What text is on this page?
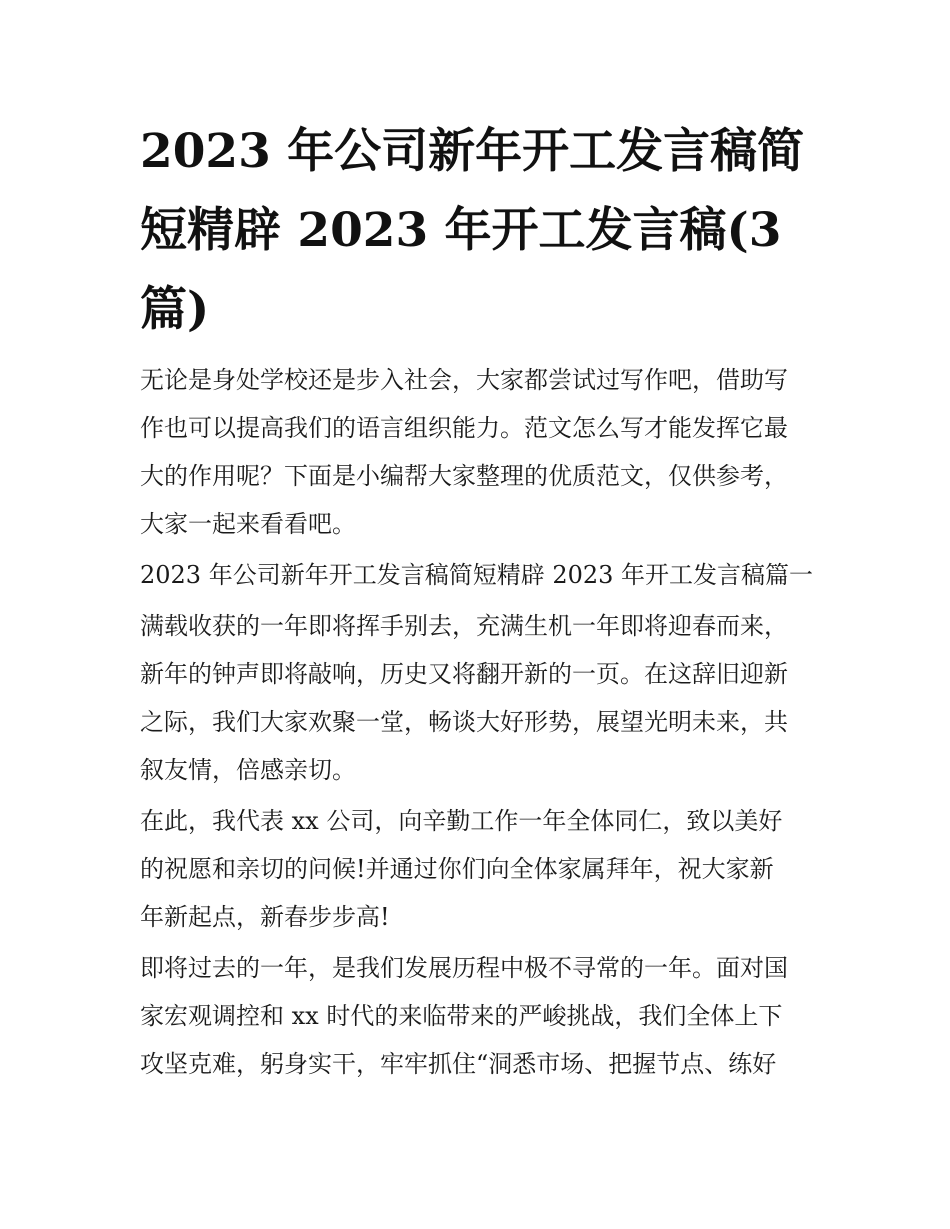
2023 年公司新年开工发言稿简
短精辟 2023 年开工发言稿(3
篇)

无论是身处学校还是步入社会，大家都尝试过写作吧，借助写
作也可以提高我们的语言组织能力。范文怎么写才能发挥它最
大的作用呢？下面是小编帮大家整理的优质范文，仅供参考，
大家一起来看看吧。

2023 年公司新年开工发言稿简短精辟 2023 年开工发言稿篇一

满载收获的一年即将挥手别去，充满生机一年即将迎春而来，
新年的钟声即将敲响，历史又将翻开新的一页。在这辞旧迎新
之际，我们大家欢聚一堂，畅谈大好形势，展望光明未来，共
叙友情，倍感亲切。

在此，我代表 xx 公司，向辛勤工作一年全体同仁，致以美好
的祝愿和亲切的问候!并通过你们向全体家属拜年，祝大家新
年新起点，新春步步高!

即将过去的一年，是我们发展历程中极不寻常的一年。面对国
家宏观调控和 xx 时代的来临带来的严峻挑战，我们全体上下
攻坚克难，躬身实干，牢牢抓住“洞悉市场、把握节点、练好
